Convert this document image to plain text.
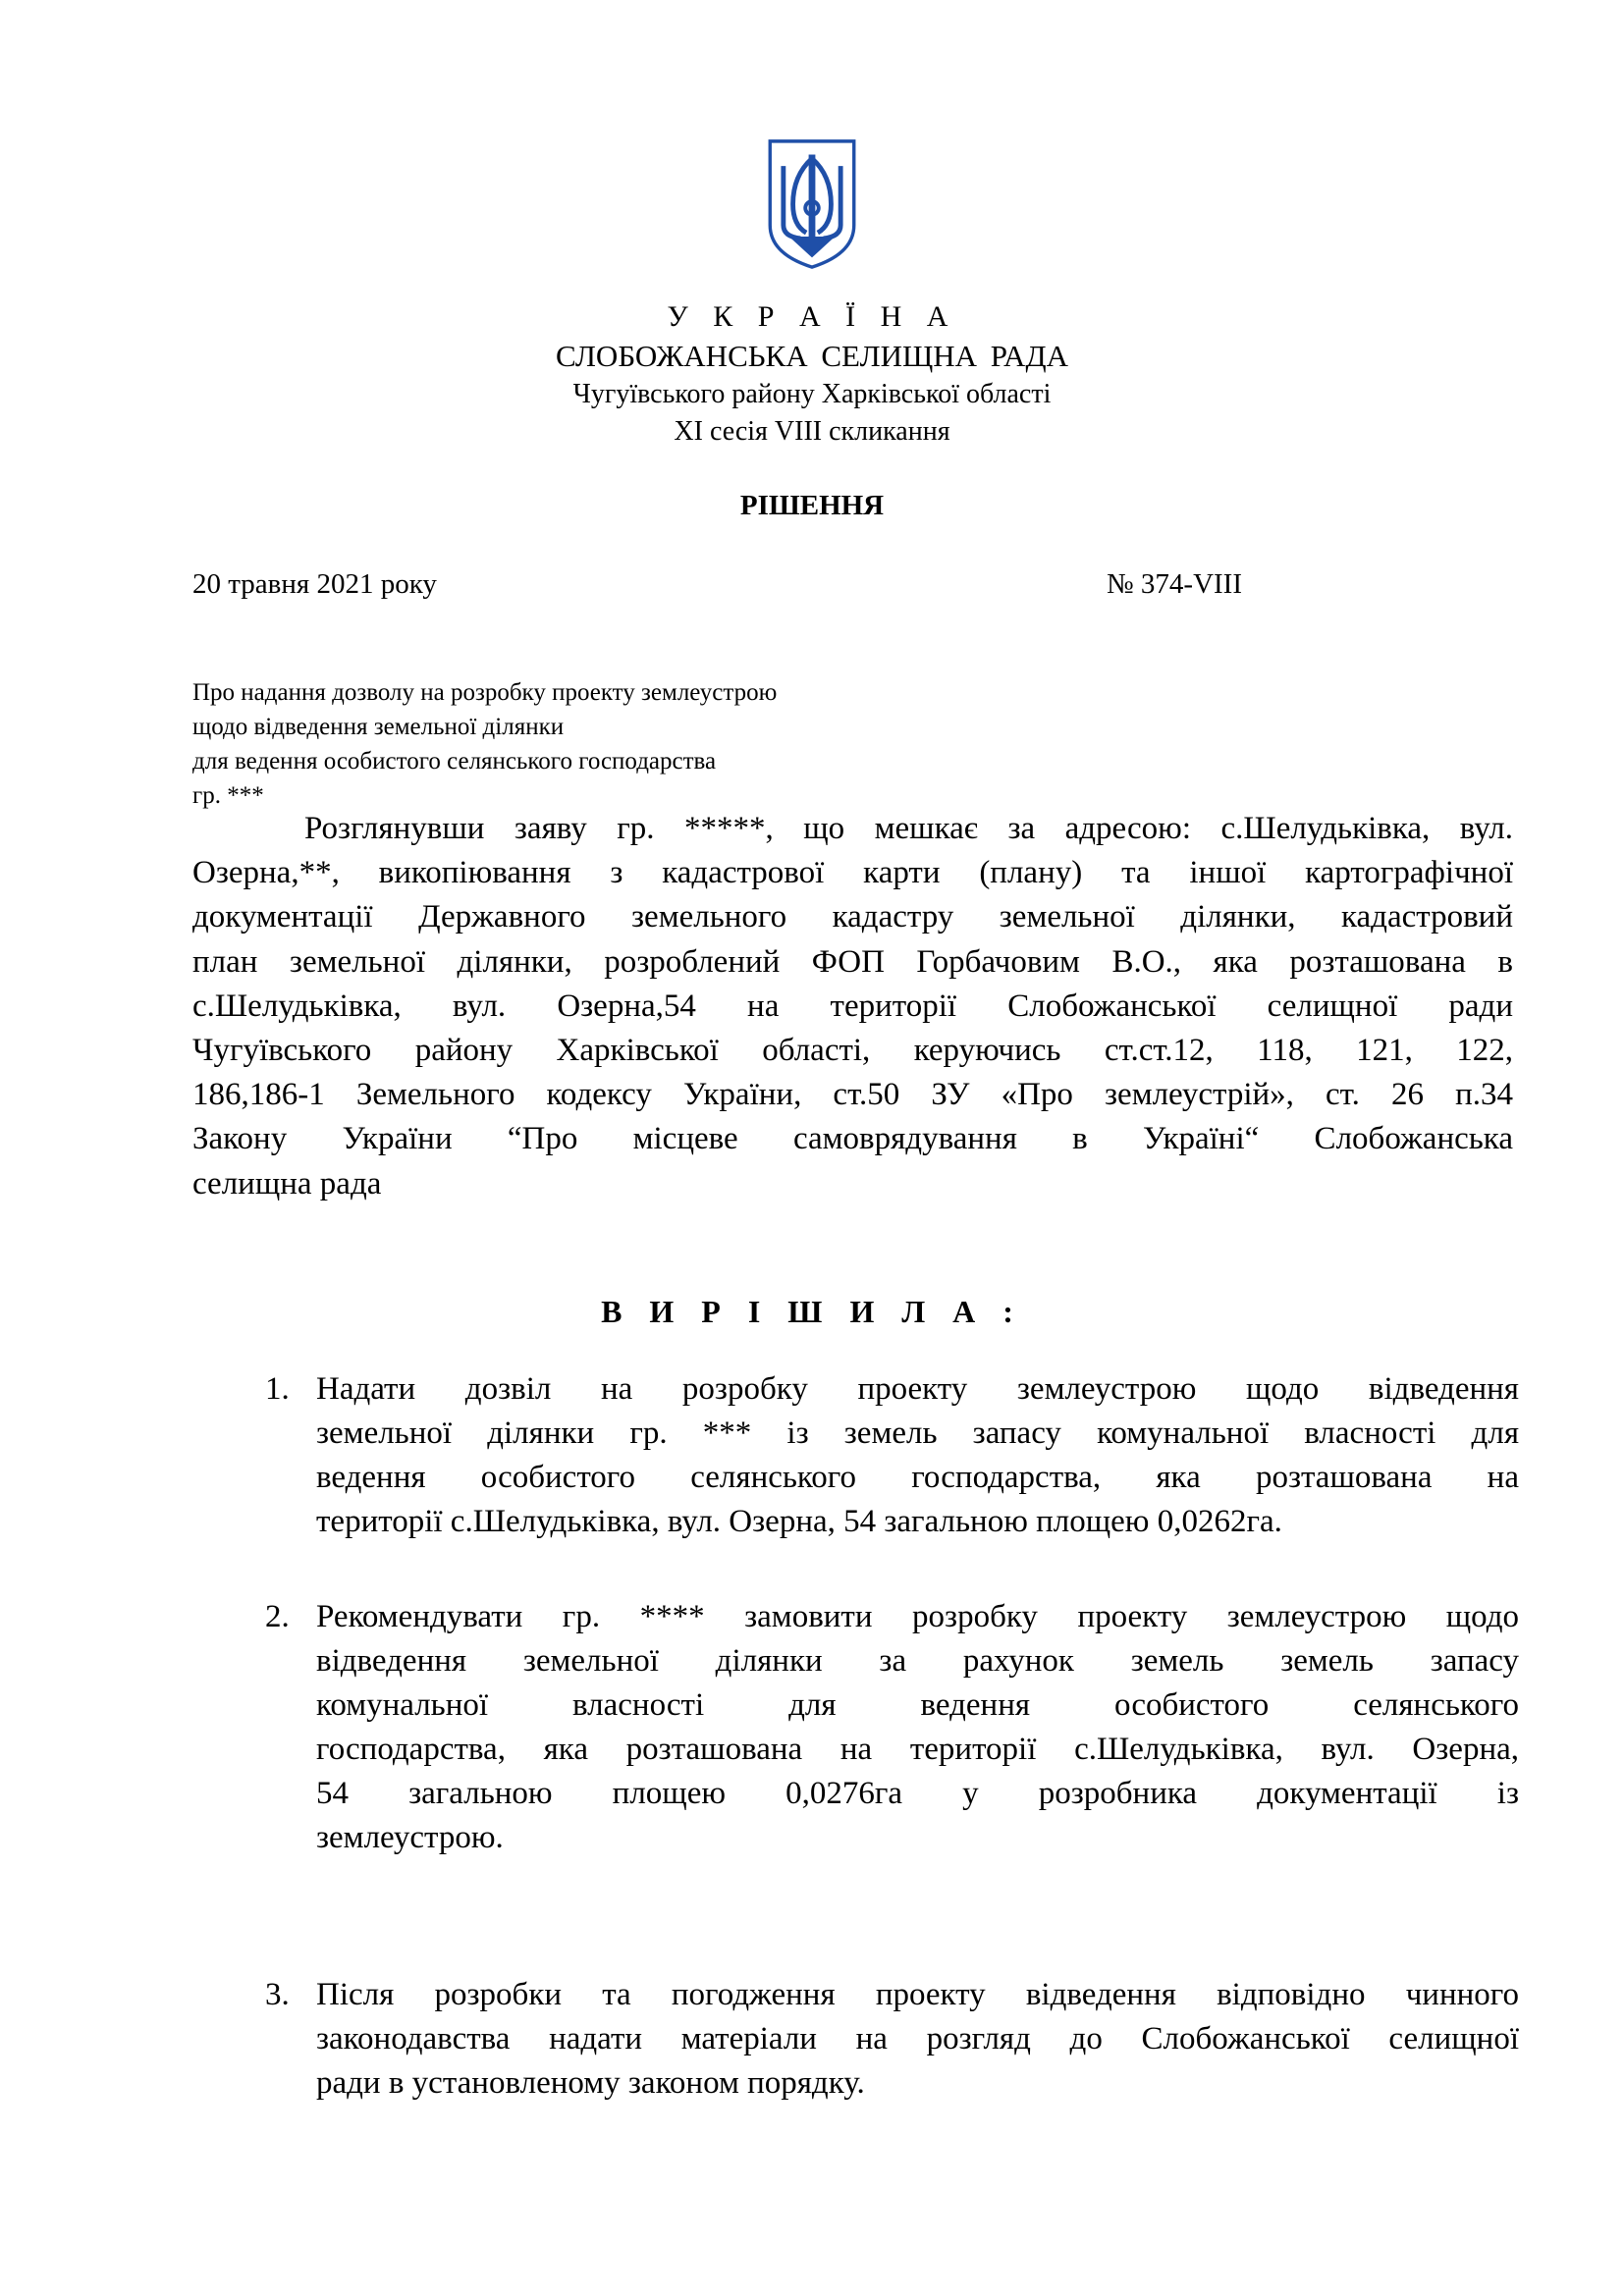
У К Р А Ї Н А
СЛОБОЖАНСЬКА СЕЛИЩНА РАДА
Чугуївського району Харківської області
XI сесія VIII скликання
РІШЕННЯ
20 травня 2021 року	№ 374-VIII
Про надання дозволу на розробку проекту землеустрою
щодо відведення земельної ділянки
для ведення особистого селянського господарства
гр. ***
Розглянувши заяву гр. *****, що мешкає за адресою: с.Шелудьківка, вул.
Озерна,**, викопіювання з кадастрової карти (плану) та іншої картографічної
документації Державного земельного кадастру земельної ділянки, кадастровий
план земельної ділянки, розроблений ФОП Горбачовим В.О., яка розташована в
с.Шелудьківка, вул. Озерна,54 на території Слобожанської селищної ради
Чугуївського району Харківської області, керуючись ст.ст.12, 118, 121, 122,
186,186-1 Земельного кодексу України, ст.50 ЗУ «Про землеустрій», ст. 26 п.34
Закону України “Про місцеве самоврядування в Україні“ Слобожанська
селищна рада
В И Р І Ш И Л А :
1. Надати дозвіл на розробку проекту землеустрою щодо відведення
земельної ділянки гр. *** із земель запасу комунальної власності для
ведення особистого селянського господарства, яка розташована на
території с.Шелудьківка, вул. Озерна, 54 загальною площею 0,0262га.
2. Рекомендувати гр. **** замовити розробку проекту землеустрою щодо
відведення земельної ділянки за рахунок земель земель запасу
комунальної власності для ведення особистого селянського
господарства, яка розташована на території с.Шелудьківка, вул. Озерна,
54 загальною площею 0,0276га у розробника документації із
землеустрою.
3. Після розробки та погодження проекту відведення відповідно чинного
законодавства надати матеріали на розгляд до Слобожанської селищної
ради в установленому законом порядку.
